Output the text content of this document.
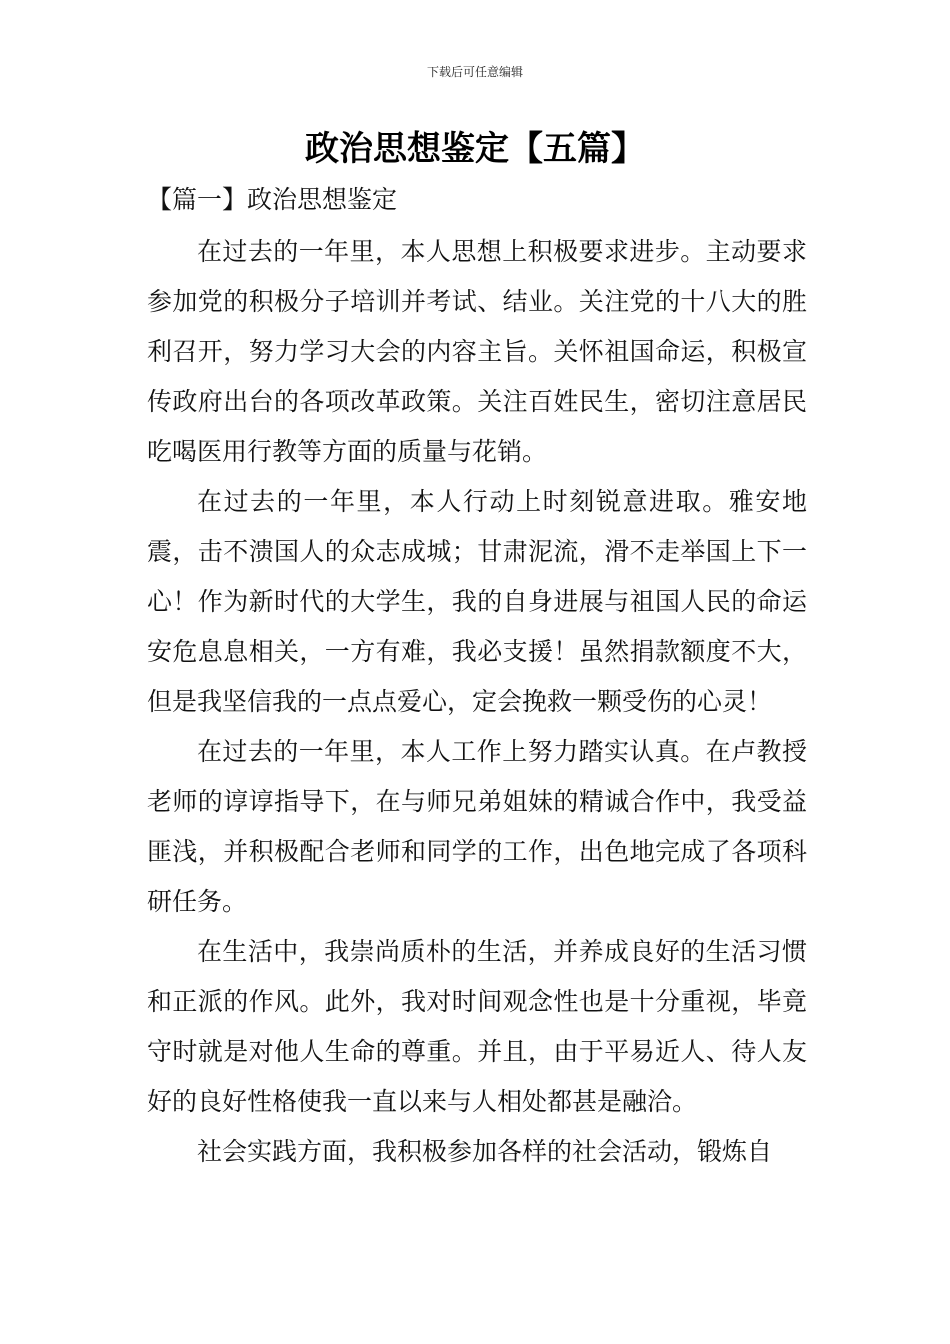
下载后可任意编辑
政治思想鉴定【五篇】
【篇一】政治思想鉴定

在过去的一年里，本人思想上积极要求进步。主动要求参加党的积极分子培训并考试、结业。关注党的十八大的胜利召开，努力学习大会的内容主旨。关怀祖国命运，积极宣传政府出台的各项改革政策。关注百姓民生，密切注意居民吃喝医用行教等方面的质量与花销。

在过去的一年里，本人行动上时刻锐意进取。雅安地震，击不溃国人的众志成城；甘肃泥流，滑不走举国上下一心！作为新时代的大学生，我的自身进展与祖国人民的命运安危息息相关，一方有难，我必支援！虽然捐款额度不大，但是我坚信我的一点点爱心，定会挽救一颗受伤的心灵！

在过去的一年里，本人工作上努力踏实认真。在卢教授老师的谆谆指导下，在与师兄弟姐妹的精诚合作中，我受益匪浅，并积极配合老师和同学的工作，出色地完成了各项科研任务。

在生活中，我崇尚质朴的生活，并养成良好的生活习惯和正派的作风。此外，我对时间观念性也是十分重视，毕竟守时就是对他人生命的尊重。并且，由于平易近人、待人友好的良好性格使我一直以来与人相处都甚是融洽。

社会实践方面，我积极参加各样的社会活动，锻炼自
